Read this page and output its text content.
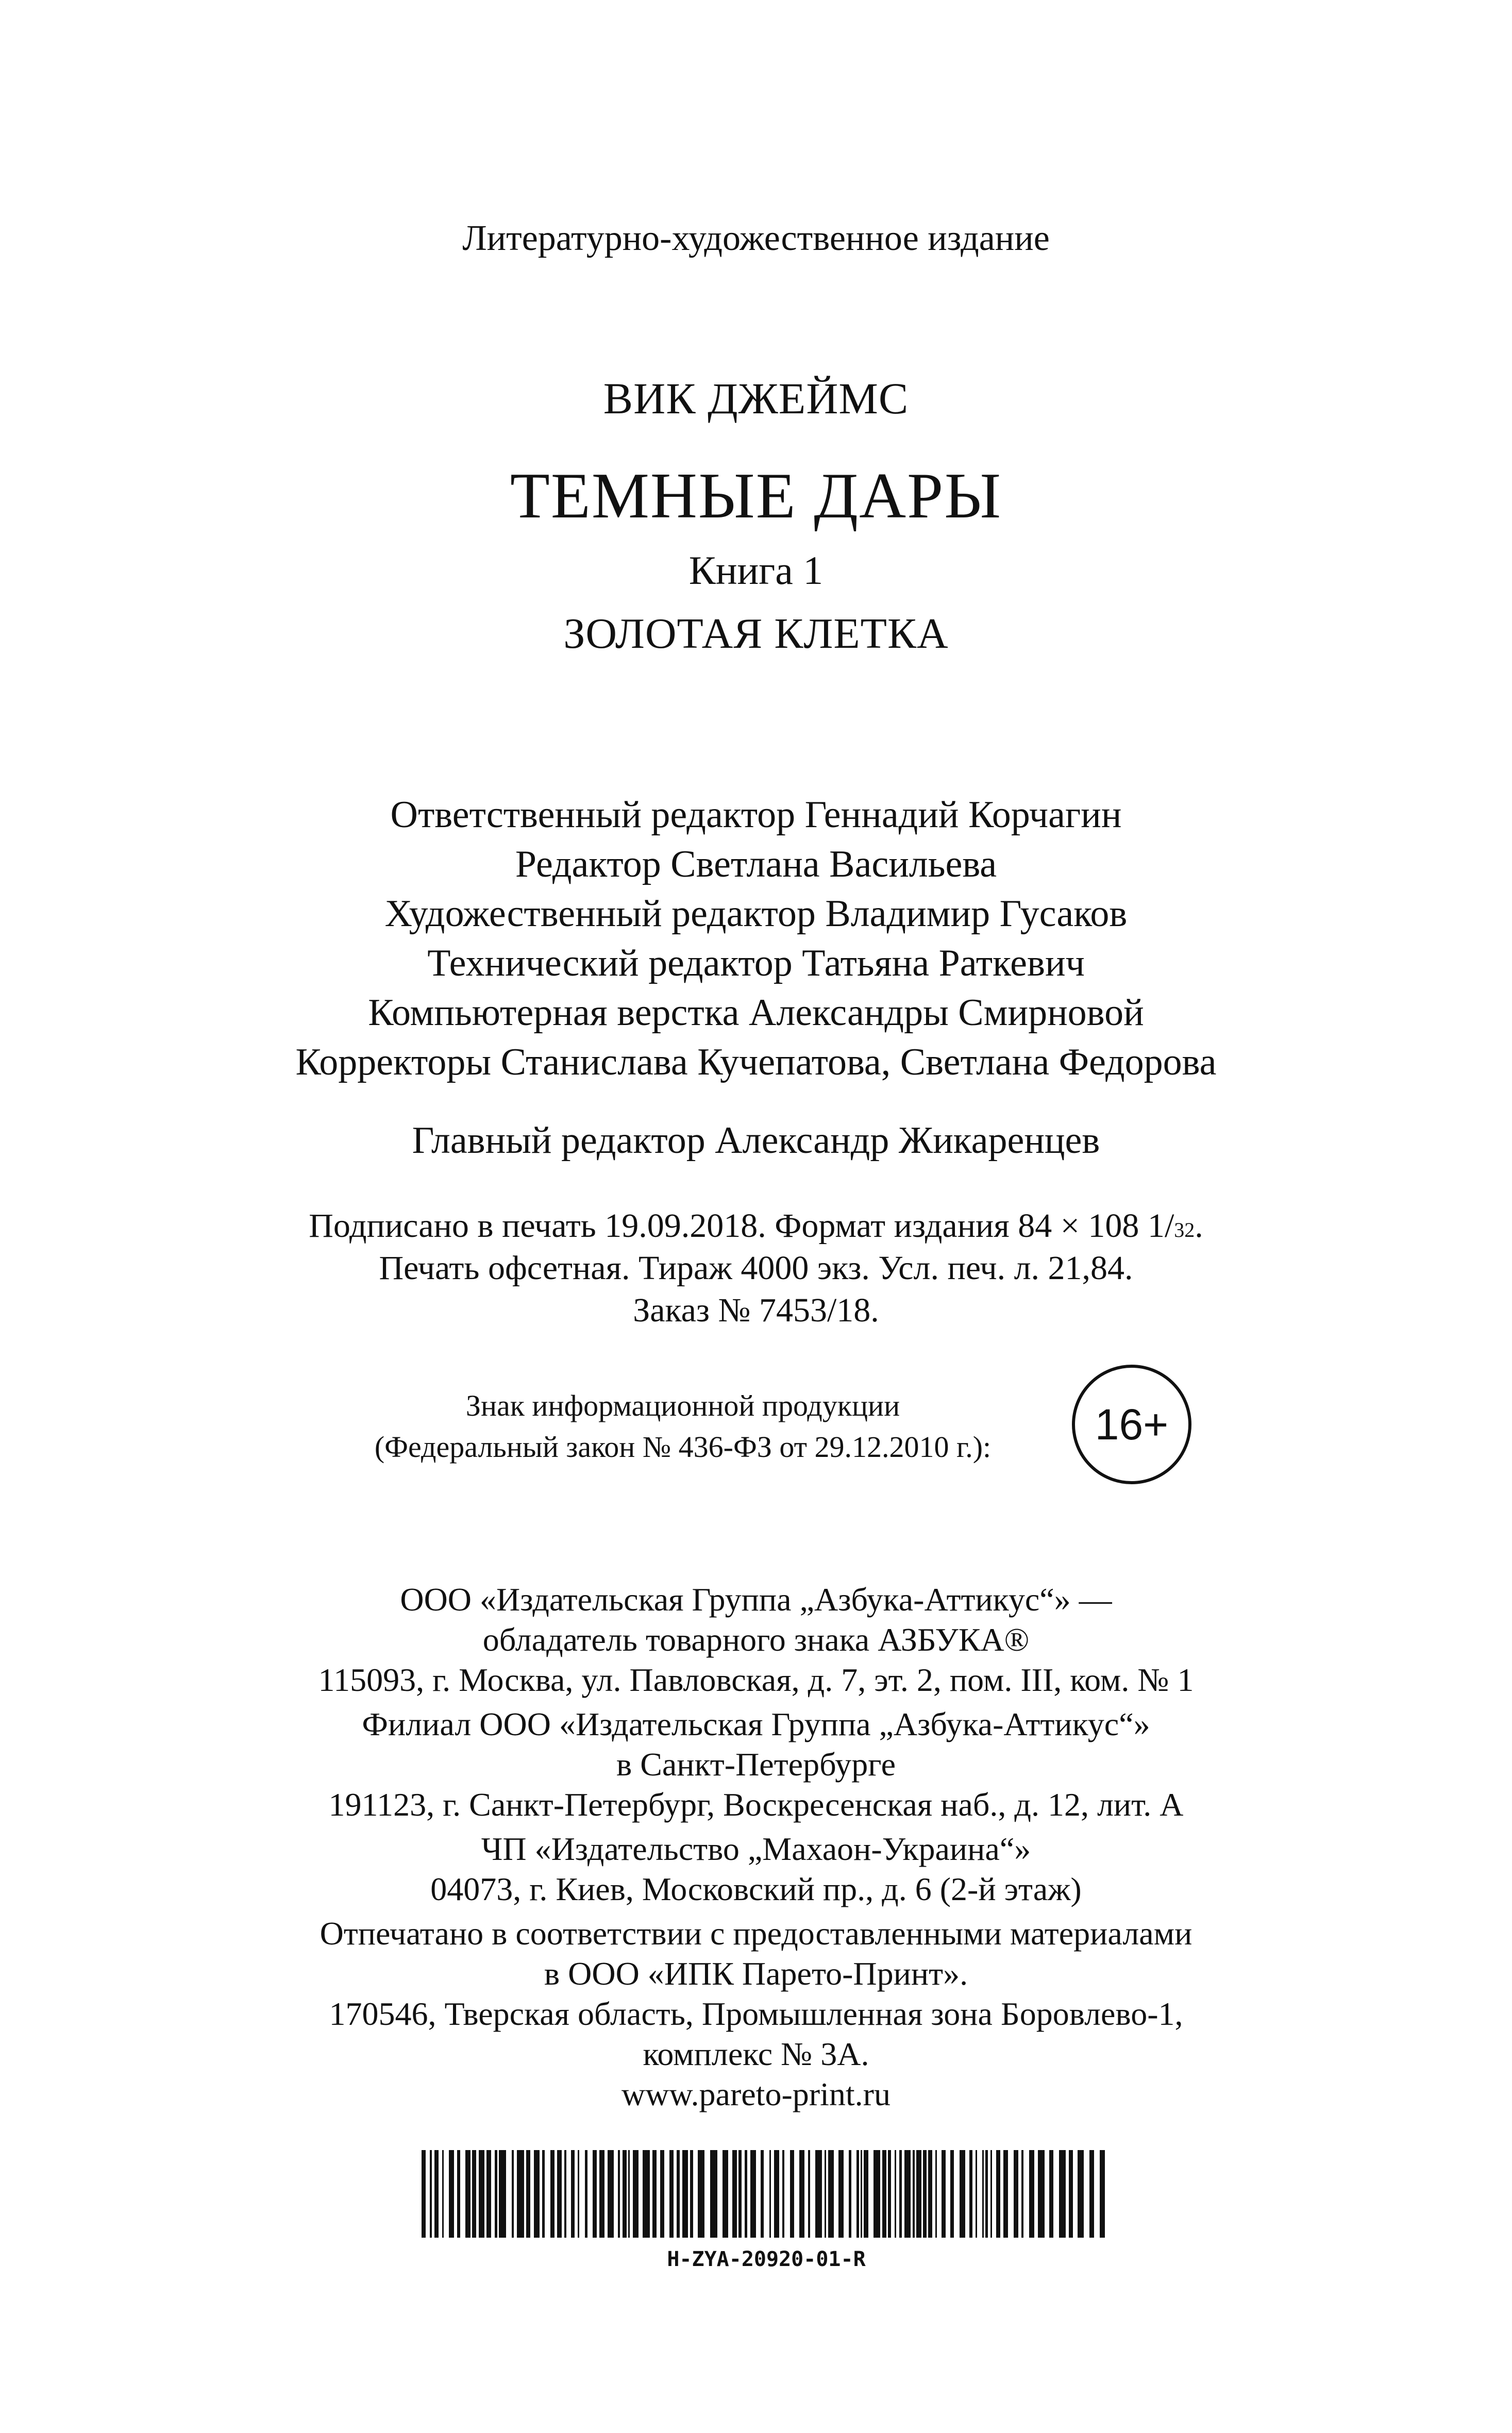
Литературно-художественное издание
ВИК ДЖЕЙМС
ТЕМНЫЕ ДАРЫ
Книга 1
ЗОЛОТАЯ КЛЕТКА
Ответственный редактор Геннадий Корчагин
Редактор Светлана Васильева
Художественный редактор Владимир Гусаков
Технический редактор Татьяна Раткевич
Компьютерная верстка Александры Смирновой
Корректоры Станислава Кучепатова, Светлана Федорова
Главный редактор Александр Жикаренцев
Подписано в печать 19.09.2018. Формат издания 84 × 108 1/32.
Печать офсетная. Тираж 4000 экз. Усл. печ. л. 21,84.
Заказ № 7453/18.
Знак информационной продукции
(Федеральный закон № 436-ФЗ от 29.12.2010 г.):	16+
ООО «Издательская Группа „Азбука-Аттикус“» —
обладатель товарного знака АЗБУКА®
115093, г. Москва, ул. Павловская, д. 7, эт. 2, пом. III, ком. № 1
Филиал ООО «Издательская Группа „Азбука-Аттикус“»
в Санкт-Петербурге
191123, г. Санкт-Петербург, Воскресенская наб., д. 12, лит. А
ЧП «Издательство „Махаон-Украина“»
04073, г. Киев, Московский пр., д. 6 (2-й этаж)
Отпечатано в соответствии с предоставленными материалами
в ООО «ИПК Парето-Принт».
170546, Тверская область, Промышленная зона Боровлево-1,
комплекс № 3А.
www.pareto-print.ru
H-ZYA-20920-01-R
